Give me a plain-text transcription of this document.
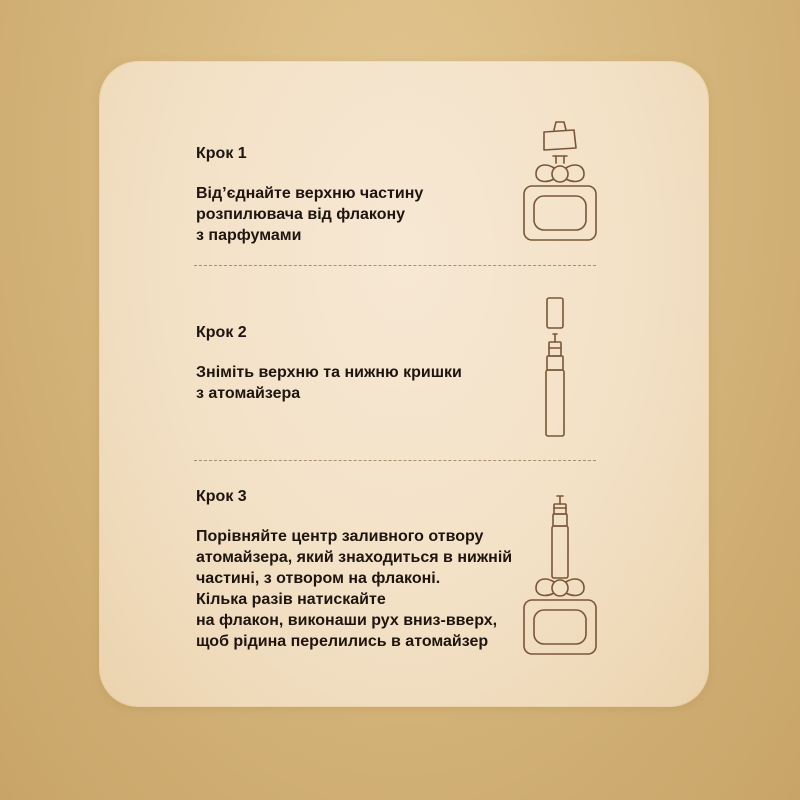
Крок 1

Від’єднайте верхню частину
розпилювача від флакону
з парфумами

Крок 2

Зніміть верхню та нижню кришки
з атомайзера

Крок 3

Порівняйте центр заливного отвору
атомайзера, який знаходиться в нижній
частині, з отвором на флаконі.
Кілька разів натискайте
на флакон, виконаши рух вниз-вверх,
щоб рідина перелились в атомайзер
